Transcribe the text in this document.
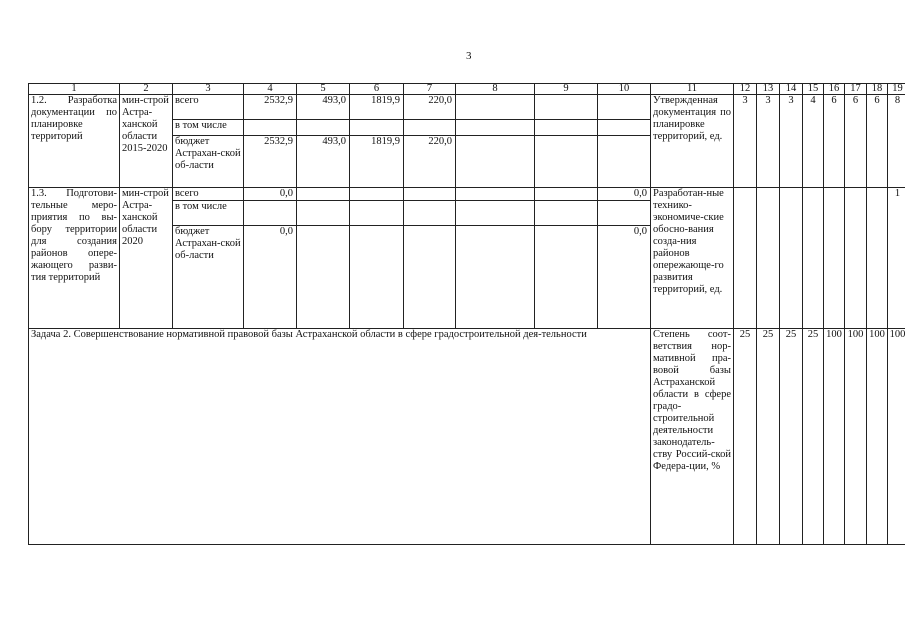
3
1	2	3	4	5	6	7	8	9	10	11	12	13	14	15	16	17	18	19
1.2. Разработка документации по планировке территорий	мин-строй Астра-ханской области 2015-2020	всего	2532,9	493,0	1819,9	220,0				Утвержденная документация по планировке территорий, ед.	3	3	3	4	6	6	6	8
		в том числе																
		бюджет Астрахан-ской об-ласти	2532,9	493,0	1819,9	220,0												
1.3. Подготови-тельные меро-приятия по вы-бору территории для создания районов опере-жающего разви-тия территорий	мин-строй Астра-ханской области 2020	всего	0,0						0,0	Разработан-ные технико-экономиче-ские обосно-вания созда-ния районов опережающе-го развития территорий, ед.								1
		в том числе																
		бюджет Астрахан-ской об-ласти	0,0						0,0									
Задача 2. Совершенствование нормативной правовой базы Астраханской области в сфере градостроительной дея-тельности										Степень соот-ветствия нор-мативной пра-вовой базы Астраханской области в сфере градо-строительной деятельности законодатель-ству Россий-ской Федера-ции, %	25	25	25	25	100	100	100	100
